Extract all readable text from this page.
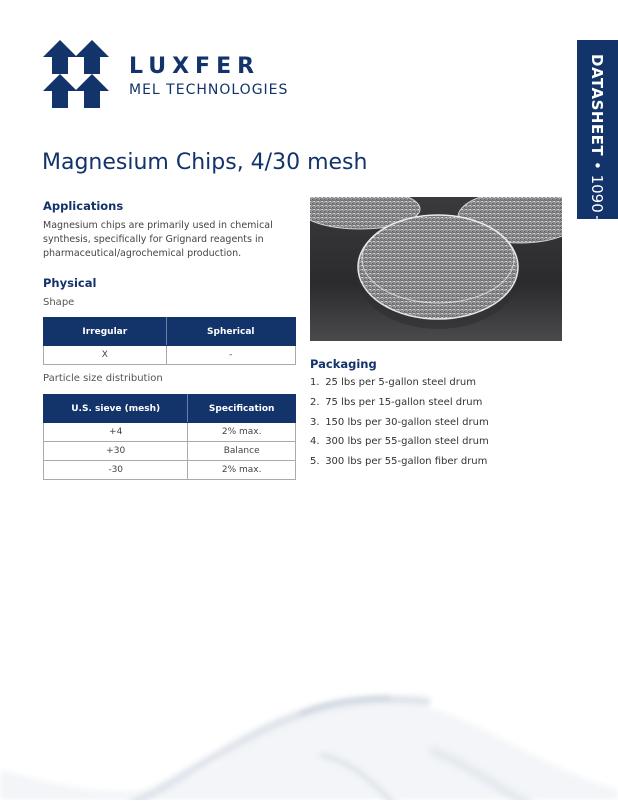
LUXFER
MEL TECHNOLOGIES	DATASHEET • 1090†
Magnesium Chips, 4/30 mesh
Applications
Magnesium chips are primarily used in chemical synthesis, specifically for Grignard reagents in pharmaceutical/agrochemical production.
Physical
Shape
Irregular	Spherical
X	-
Particle size distribution
U.S. sieve (mesh)	Specification
+4	2% max.
+30	Balance
-30	2% max.
Packaging
1. 25 lbs per 5-gallon steel drum
2. 75 lbs per 15-gallon steel drum
3. 150 lbs per 30-gallon steel drum
4. 300 lbs per 55-gallon steel drum
5. 300 lbs per 55-gallon fiber drum
